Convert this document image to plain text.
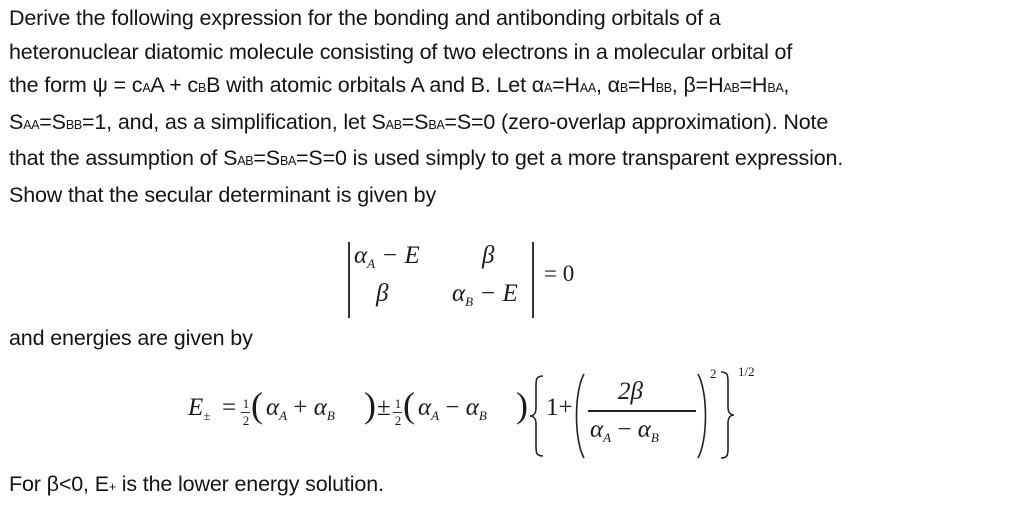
Derive the following expression for the bonding and antibonding orbitals of a
heteronuclear diatomic molecule consisting of two electrons in a molecular orbital of
the form ψ = cAA + cBB with atomic orbitals A and B. Let αA=HAA, αB=HBB, β=HAB=HBA,
SAA=SBB=1, and, as a simplification, let SAB=SBA=S=0 (zero-overlap approximation). Note
that the assumption of SAB=SBA=S=0 is used simply to get a more transparent expression.
Show that the secular determinant is given by
$\alpha_A - E$ β
β	$\alpha_B - E$
= 0
and energies are given by
$E_\pm = 1$
2 ( $\alpha_A + \alpha_B$ ) ± 1
2 ( $\alpha_A - \alpha_B$ ) 1+
2β
$\alpha_A - \alpha_B$
2 1/2
For β<0, E+ is the lower energy solution.
